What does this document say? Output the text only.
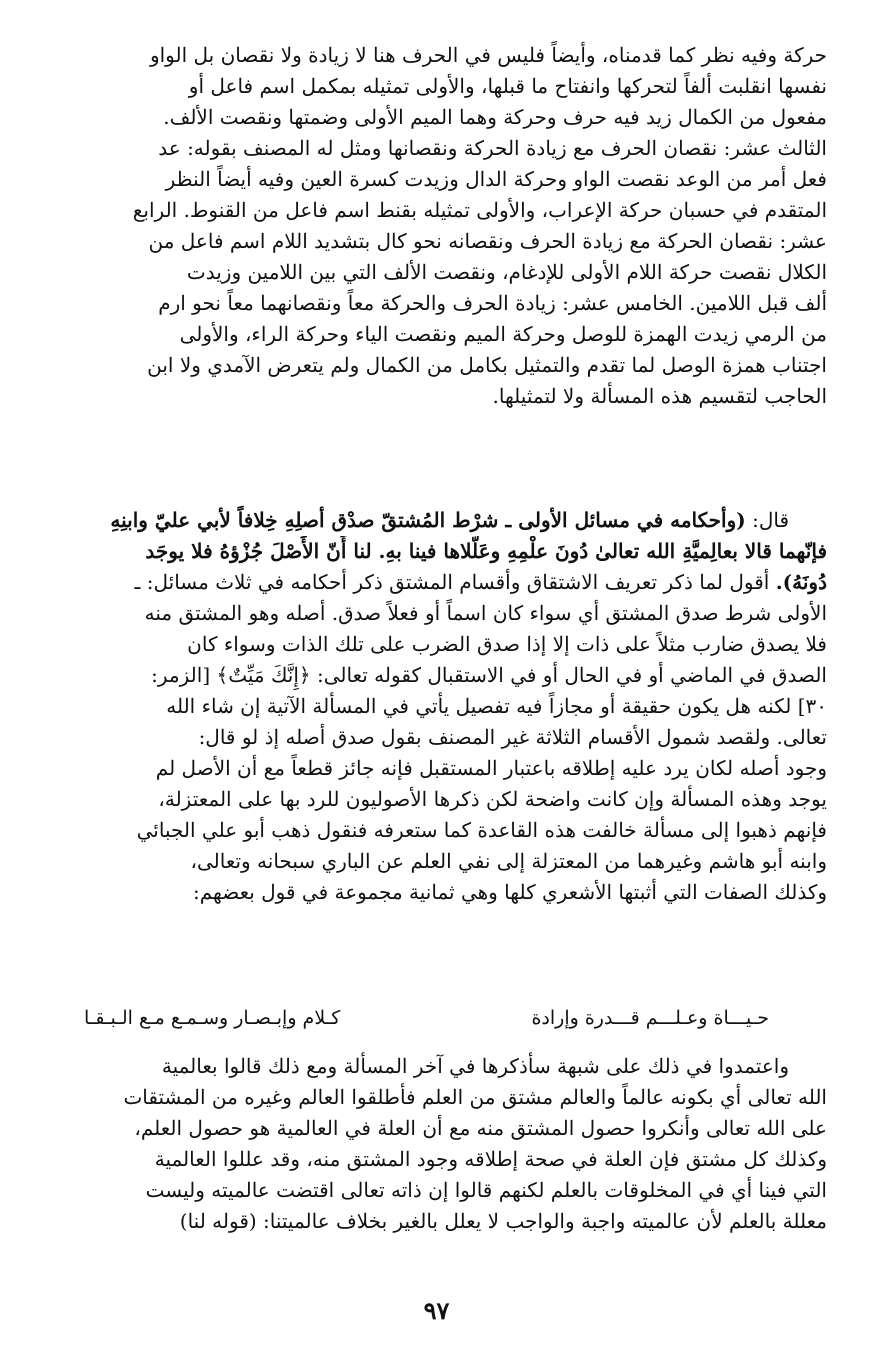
حركة وفيه نظر كما قدمناه، وأيضاً فليس في الحرف هنا لا زيادة ولا نقصان بل الواو
نفسها انقلبت ألفاً لتحركها وانفتاح ما قبلها، والأولى تمثيله بمكمل اسم فاعل أو
مفعول من الكمال زيد فيه حرف وحركة وهما الميم الأولى وضمتها ونقصت الألف.
الثالث عشر: نقصان الحرف مع زيادة الحركة ونقصانها ومثل له المصنف بقوله: عد
فعل أمر من الوعد نقصت الواو وحركة الدال وزيدت كسرة العين وفيه أيضاً النظر
المتقدم في حسبان حركة الإعراب، والأولى تمثيله بقنط اسم فاعل من القنوط. الرابع
عشر: نقصان الحركة مع زيادة الحرف ونقصانه نحو كال بتشديد اللام اسم فاعل من
الكلال نقصت حركة اللام الأولى للإدغام، ونقصت الألف التي بين اللامين وزيدت
ألف قبل اللامين. الخامس عشر: زيادة الحرف والحركة معاً ونقصانهما معاً نحو ارم
من الرمي زيدت الهمزة للوصل وحركة الميم ونقصت الياء وحركة الراء، والأولى
اجتناب همزة الوصل لما تقدم والتمثيل بكامل من الكمال ولم يتعرض الآمدي ولا ابن
الحاجب لتقسيم هذه المسألة ولا لتمثيلها.
قال: (وأحكامه في مسائل الأولى ـ شرْط المُشتقّ صدْق أصلِهِ خِلافاً لأبي عليّ وابنِهِ
فإنّهما قالا بعالِميَّةِ الله تعالىٰ دُونَ علْمِهِ وعَلَّلاها فينا بهِ. لنا أَنّ الأَصْلَ جُزْؤهُ فلا يوجَد
دُونَهُ). أقول لما ذكر تعريف الاشتقاق وأقسام المشتق ذكر أحكامه في ثلاث مسائل: ـ
الأولى شرط صدق المشتق أي سواء كان اسماً أو فعلاً صدق. أصله وهو المشتق منه
فلا يصدق ضارب مثلاً على ذات إلا إذا صدق الضرب على تلك الذات وسواء كان
الصدق في الماضي أو في الحال أو في الاستقبال كقوله تعالى: ﴿إِنَّكَ مَيِّتٌ﴾ [الزمر:
٣٠] لكنه هل يكون حقيقة أو مجازاً فيه تفصيل يأتي في المسألة الآتية إن شاء الله
تعالى. ولقصد شمول الأقسام الثلاثة غير المصنف بقول صدق أصله إذ لو قال:
وجود أصله لكان يرد عليه إطلاقه باعتبار المستقبل فإنه جائز قطعاً مع أن الأصل لم
يوجد وهذه المسألة وإن كانت واضحة لكن ذكرها الأصوليون للرد بها على المعتزلة،
فإنهم ذهبوا إلى مسألة خالفت هذه القاعدة كما ستعرفه فنقول ذهب أبو علي الجبائي
وابنه أبو هاشم وغيرهما من المعتزلة إلى نفي العلم عن الباري سبحانه وتعالى،
وكذلك الصفات التي أثبتها الأشعري كلها وهي ثمانية مجموعة في قول بعضهم:
حـيـــاة وعـلـــم قـــدرة وإرادة
كـلام وإبـصـار وسـمـع مـع الـبـقـا
واعتمدوا في ذلك على شبهة سأذكرها في آخر المسألة ومع ذلك قالوا بعالمية
الله تعالى أي بكونه عالماً والعالم مشتق من العلم فأطلقوا العالم وغيره من المشتقات
على الله تعالى وأنكروا حصول المشتق منه مع أن العلة في العالمية هو حصول العلم،
وكذلك كل مشتق فإن العلة في صحة إطلاقه وجود المشتق منه، وقد عللوا العالمية
التي فينا أي في المخلوقات بالعلم لكنهم قالوا إن ذاته تعالى اقتضت عالميته وليست
معللة بالعلم لأن عالميته واجبة والواجب لا يعلل بالغير بخلاف عالميتنا: (قوله لنا)
٩٧
